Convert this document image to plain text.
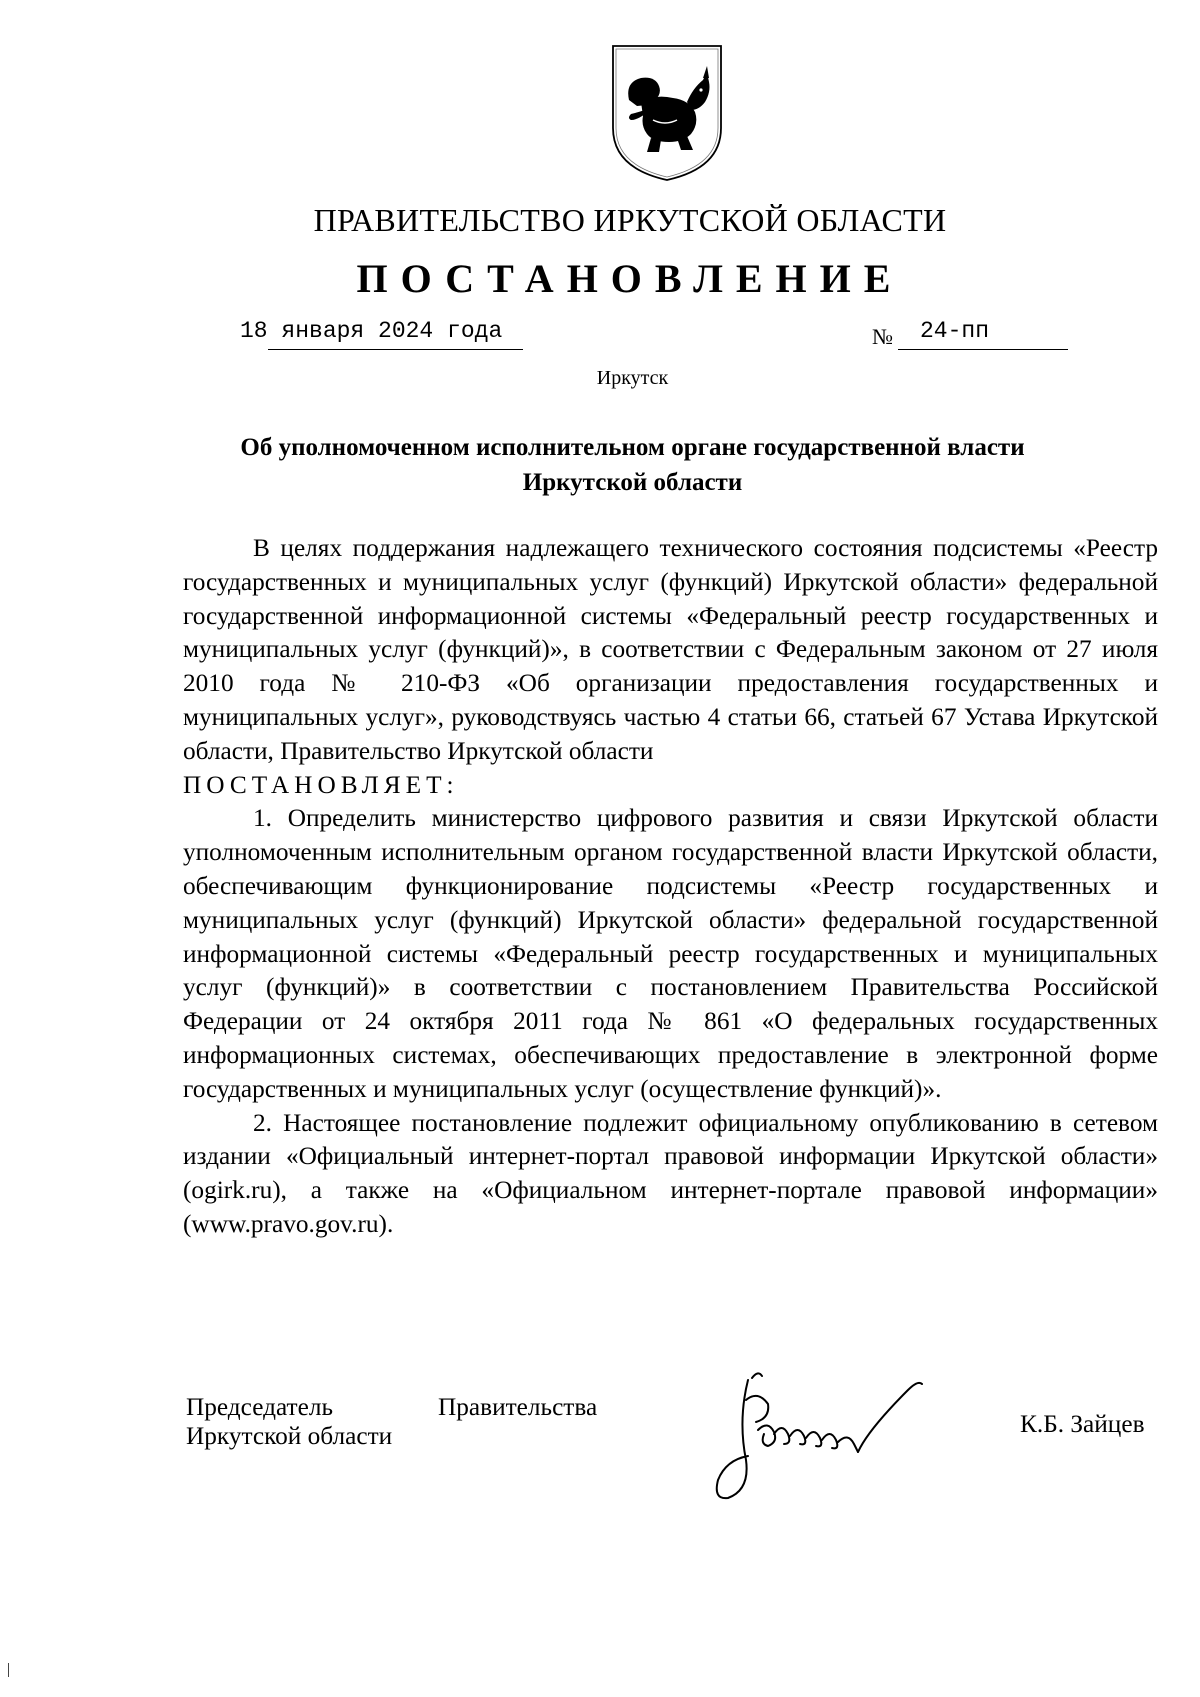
ПРАВИТЕЛЬСТВО ИРКУТСКОЙ ОБЛАСТИ
ПОСТАНОВЛЕНИЕ
18 января 2024 года	№ 24-пп
Иркутск
Об уполномоченном исполнительном органе государственной власти
Иркутской области

В целях поддержания надлежащего технического состояния подсистемы «Реестр государственных и муниципальных услуг (функций) Иркутской области» федеральной государственной информационной системы «Федеральный реестр государственных и муниципальных услуг (функций)», в соответствии с Федеральным законом от 27 июля 2010 года № 210-ФЗ «Об организации предоставления государственных и муниципальных услуг», руководствуясь частью 4 статьи 66, статьей 67 Устава Иркутской области, Правительство Иркутской области

ПОСТАНОВЛЯЕТ:

1. Определить министерство цифрового развития и связи Иркутской области уполномоченным исполнительным органом государственной власти Иркутской области, обеспечивающим функционирование подсистемы «Реестр государственных и муниципальных услуг (функций) Иркутской области» федеральной государственной информационной системы «Федеральный реестр государственных и муниципальных услуг (функций)» в соответствии с постановлением Правительства Российской Федерации от 24 октября 2011 года № 861 «О федеральных государственных информационных системах, обеспечивающих предоставление в электронной форме государственных и муниципальных услуг (осуществление функций)».

2. Настоящее постановление подлежит официальному опубликованию в сетевом издании «Официальный интернет-портал правовой информации Иркутской области» (ogirk.ru), а также на «Официальном интернет-портале правовой информации» (www.pravo.gov.ru).

Председатель	Правительства
Иркутской области	К.Б. Зайцев
